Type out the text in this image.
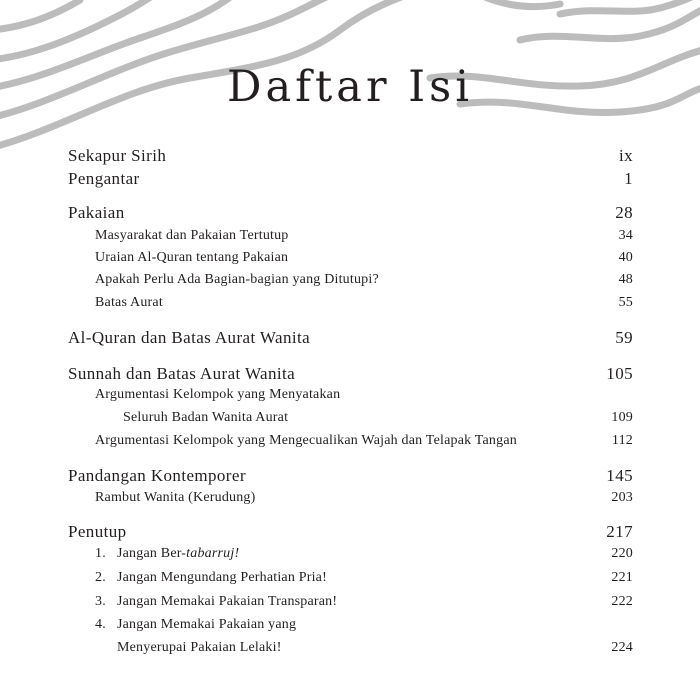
Daftar Isi
Sekapur Sirih	ix
Pengantar	1
Pakaian	28
Masyarakat dan Pakaian Tertutup	34
Uraian Al-Quran tentang Pakaian	40
Apakah Perlu Ada Bagian-bagian yang Ditutupi?	48
Batas Aurat	55
Al-Quran dan Batas Aurat Wanita	59
Sunnah dan Batas Aurat Wanita	105
Argumentasi Kelompok yang Menyatakan
Seluruh Badan Wanita Aurat	109
Argumentasi Kelompok yang Mengecualikan Wajah dan Telapak Tangan	112
Pandangan Kontemporer	145
Rambut Wanita (Kerudung)	203
Penutup	217
1. Jangan Ber-tabarruj!	220
2. Jangan Mengundang Perhatian Pria!	221
3. Jangan Memakai Pakaian Transparan!	222
4. Jangan Memakai Pakaian yang
Menyerupai Pakaian Lelaki!	224
